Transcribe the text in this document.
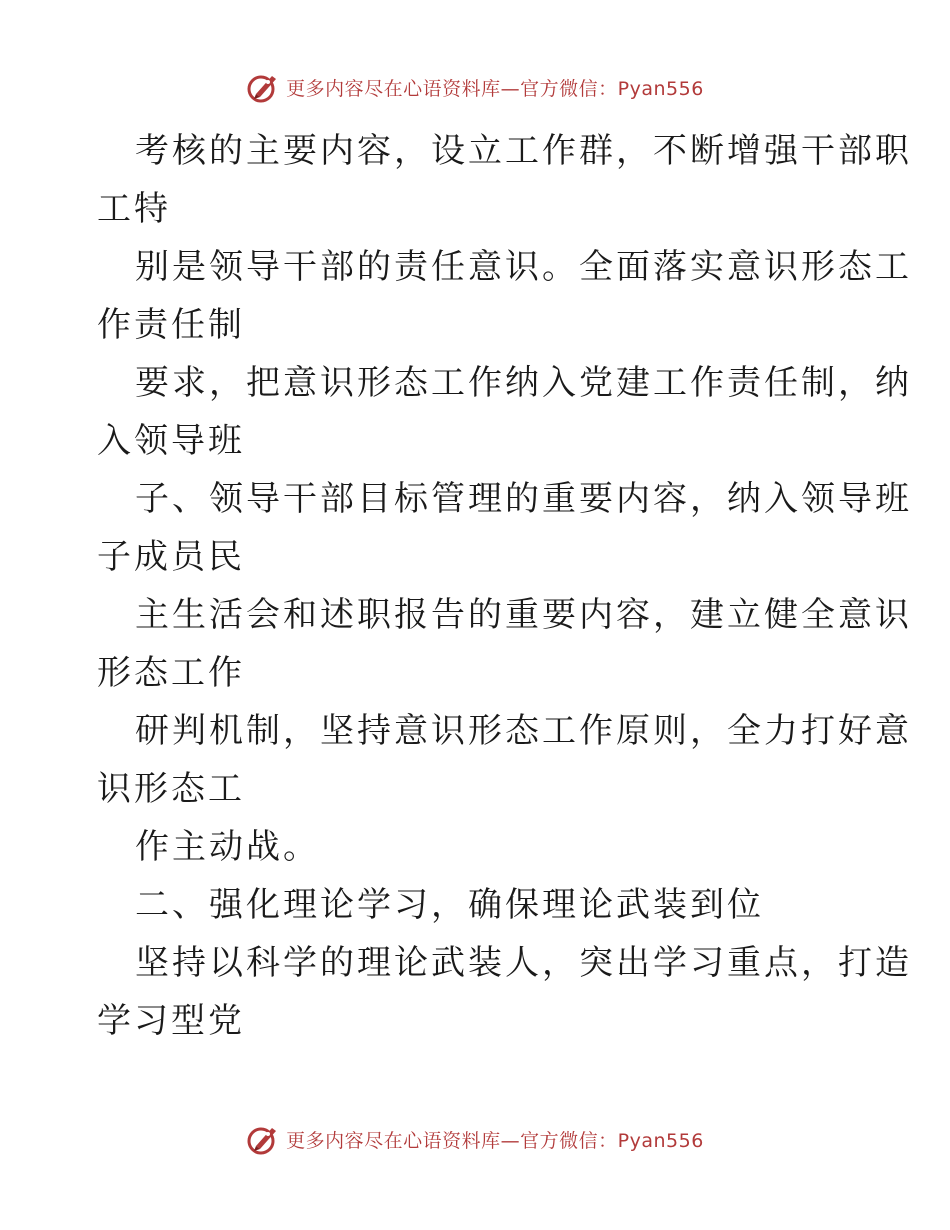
更多内容尽在心语资料库—官方微信：Pyan556
考核的主要内容，设立工作群，不断增强干部职
工特
别是领导干部的责任意识。全面落实意识形态工
作责任制
要求，把意识形态工作纳入党建工作责任制，纳
入领导班
子、领导干部目标管理的重要内容，纳入领导班
子成员民
主生活会和述职报告的重要内容，建立健全意识
形态工作
研判机制，坚持意识形态工作原则，全力打好意
识形态工
作主动战。
二、强化理论学习，确保理论武装到位
坚持以科学的理论武装人，突出学习重点，打造
学习型党
更多内容尽在心语资料库—官方微信：Pyan556
